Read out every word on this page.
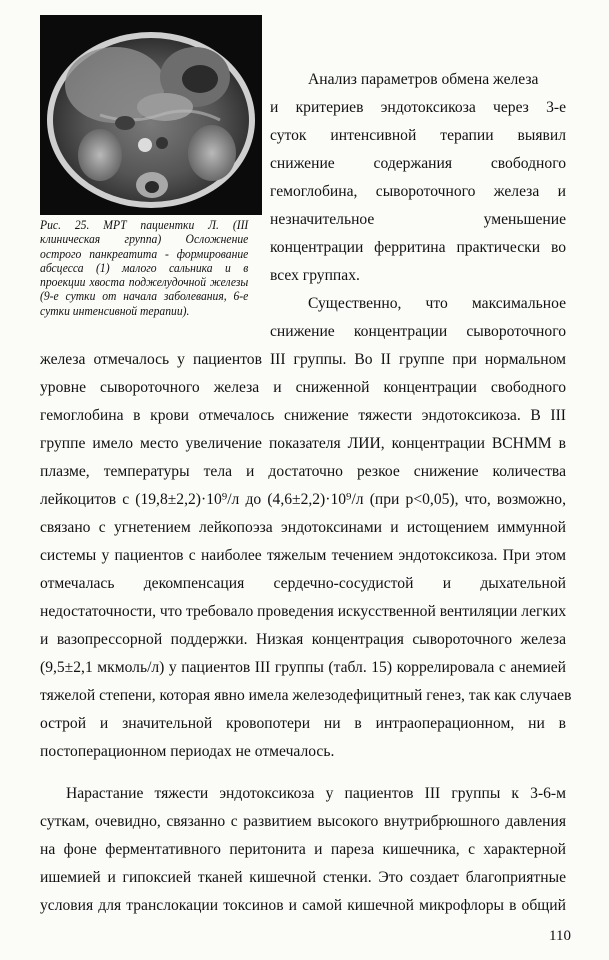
Рис. 25. МРТ пациентки Л. (III клиническая группа) Осложнение острого панкреатита - формирование абсцесса (1) малого сальника и в проекции хвоста поджелудочной железы (9-е сутки от начала заболевания, 6-е сутки интенсивной терапии).
Анализ параметров обмена железа
и критериев эндотоксикоза через 3-е
суток интенсивной терапии выявил
снижение содержания свободного
гемоглобина, сывороточного железа и
незначительное уменьшение
концентрации ферритина практически во
всех группах.
Существенно, что максимальное
снижение концентрации сывороточного
железа отмечалось у пациентов III группы. Во II группе при нормальном
уровне сывороточного железа и сниженной концентрации свободного
гемоглобина в крови отмечалось снижение тяжести эндотоксикоза. В III
группе имело место увеличение показателя ЛИИ, концентрации ВСНММ в
плазме, температуры тела и достаточно резкое снижение количества
лейкоцитов с (19,8±2,2)·10⁹/л до (4,6±2,2)·10⁹/л (при p<0,05), что, возможно,
связано с угнетением лейкопоэза эндотоксинами и истощением иммунной
системы у пациентов с наиболее тяжелым течением эндотоксикоза. При этом
отмечалась декомпенсация сердечно-сосудистой и дыхательной
недостаточности, что требовало проведения искусственной вентиляции легких
и вазопрессорной поддержки. Низкая концентрация сывороточного железа
(9,5±2,1 мкмоль/л) у пациентов III группы (табл. 15) коррелировала с анемией
тяжелой степени, которая явно имела железодефицитный генез, так как случаев
острой и значительной кровопотери ни в интраоперационном, ни в
постоперационном периодах не отмечалось.
Нарастание тяжести эндотоксикоза у пациентов III группы к 3-6-м
суткам, очевидно, связанно с развитием высокого внутрибрюшного давления
на фоне ферментативного перитонита и пареза кишечника, с характерной
ишемией и гипоксией тканей кишечной стенки. Это создает благоприятные
условия для транслокации токсинов и самой кишечной микрофлоры в общий
110
